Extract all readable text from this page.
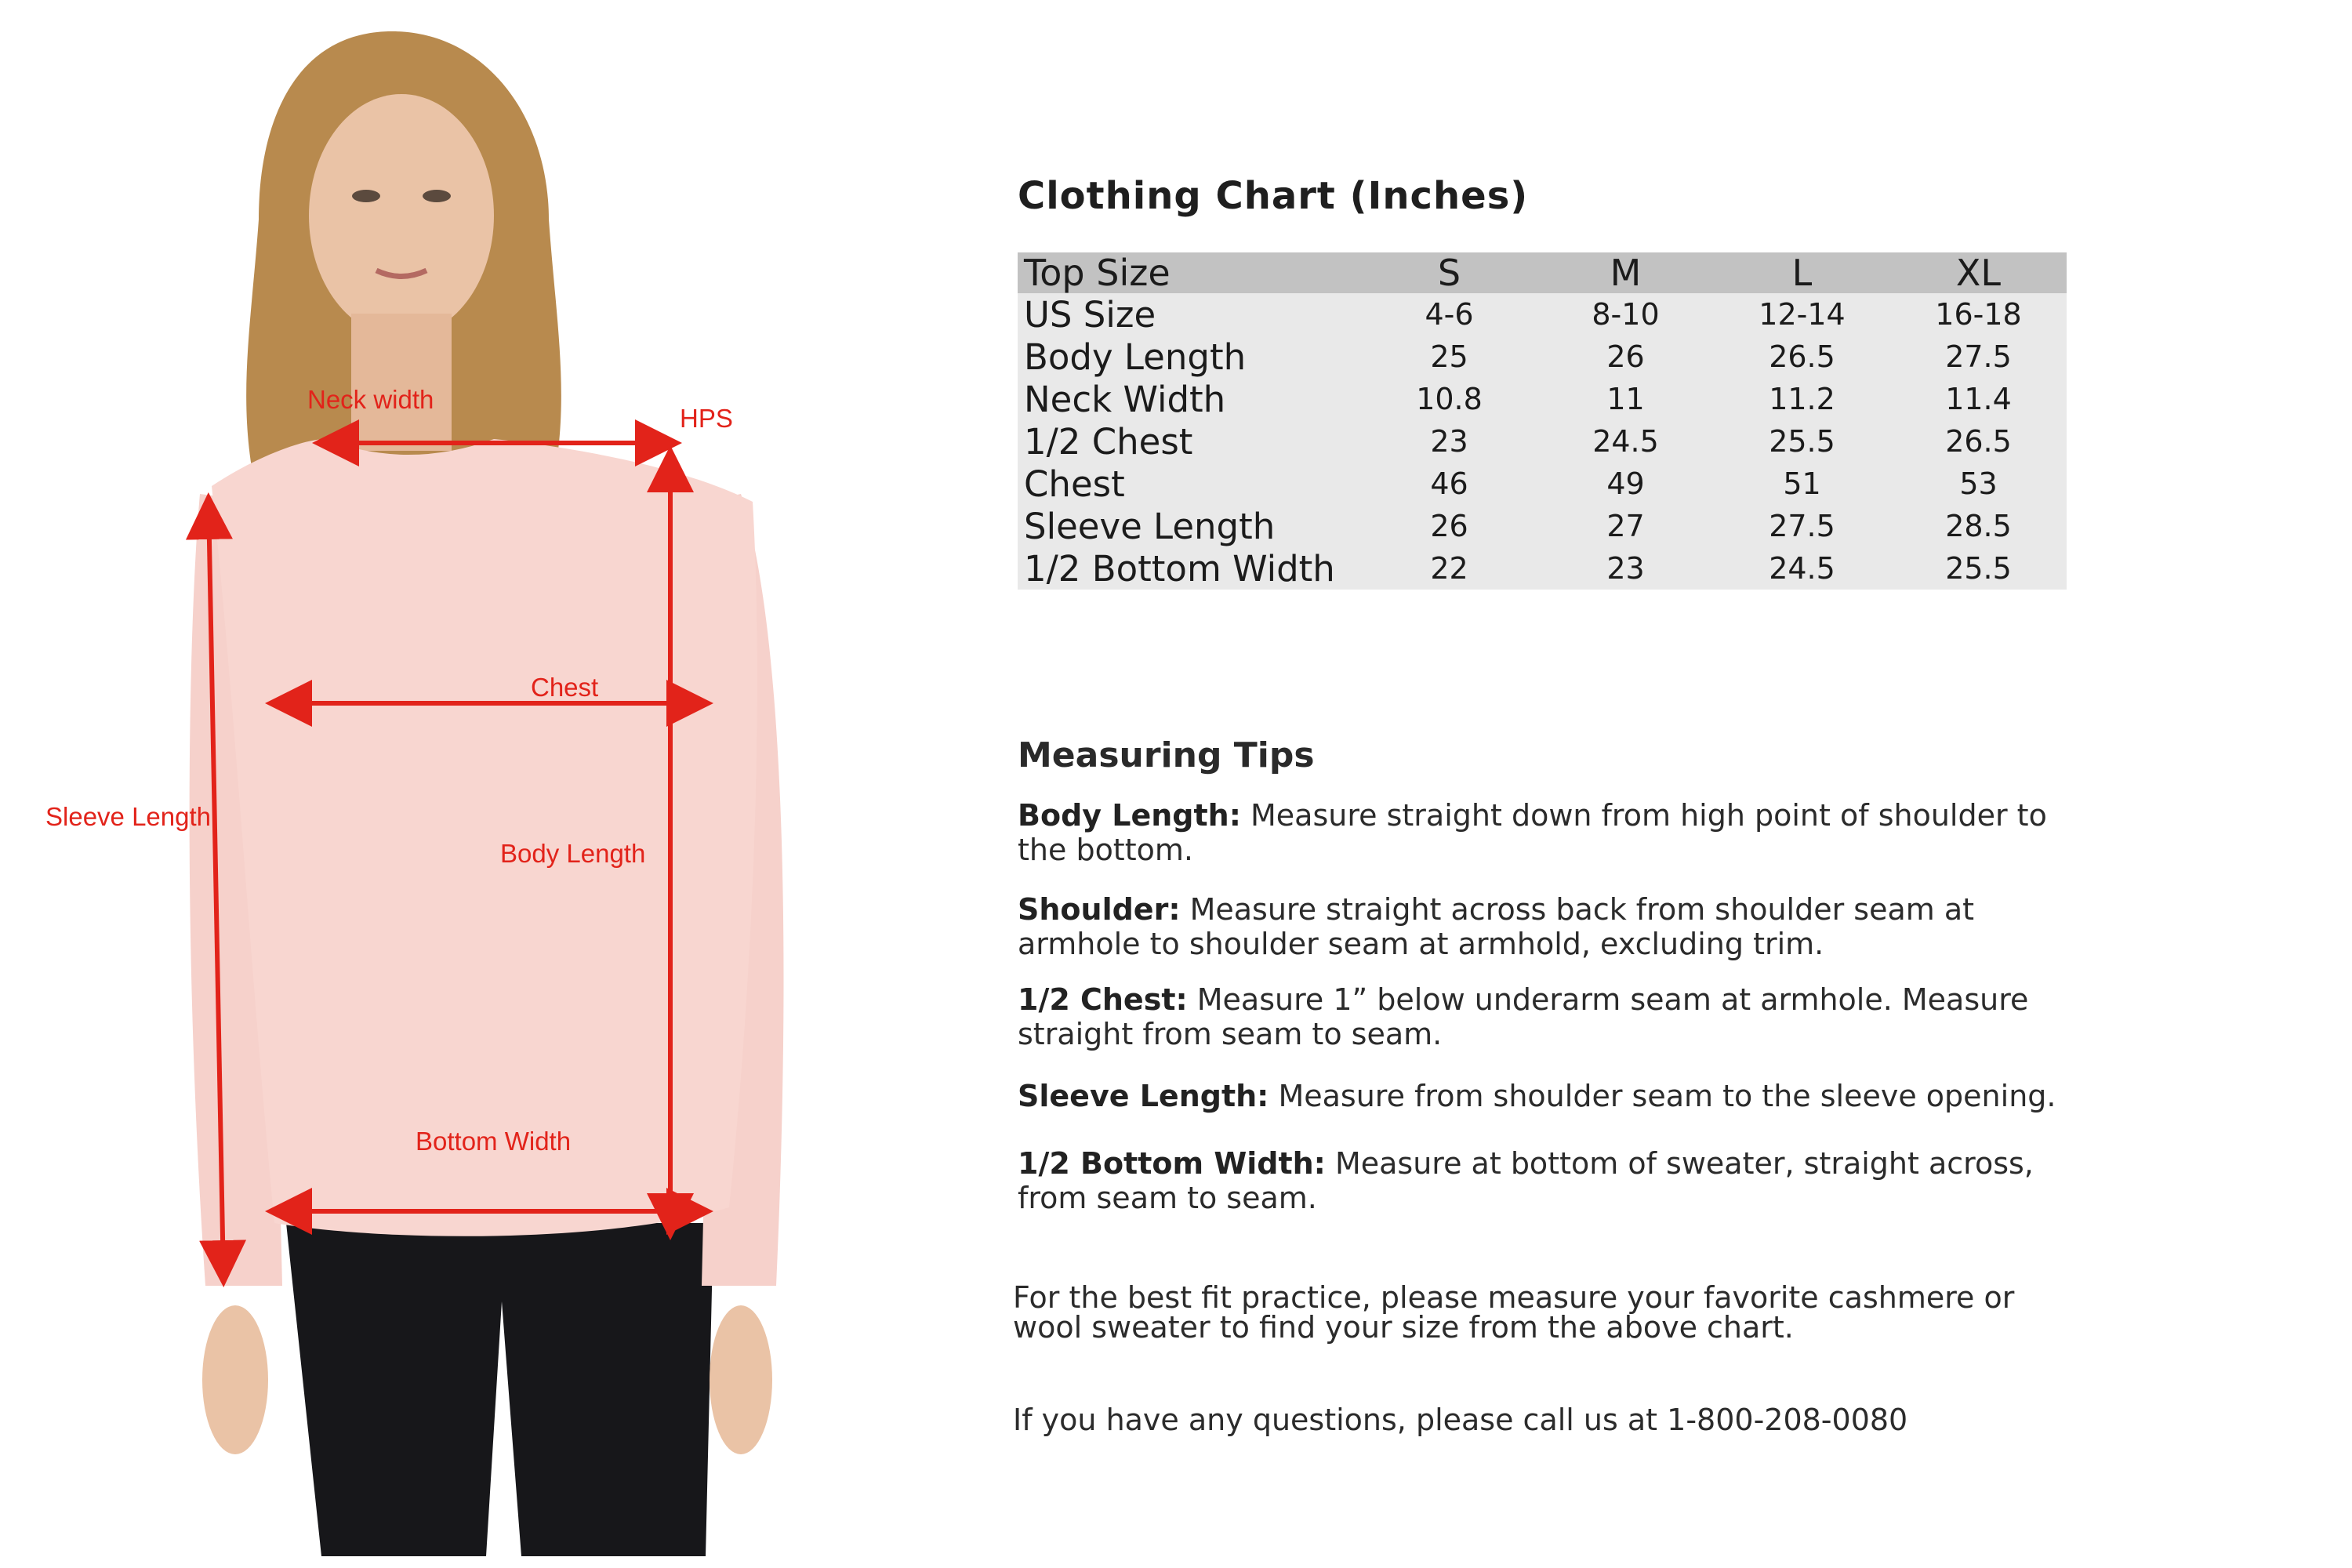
Neck width
HPS
Chest
Sleeve Length
Body Length
Bottom Width
Clothing Chart (Inches)
Top Size	S	M	L	XL
US Size	4-6	8-10	12-14	16-18
Body Length	25	26	26.5	27.5
Neck Width	10.8	11	11.2	11.4
1/2 Chest	23	24.5	25.5	26.5
Chest	46	49	51	53
Sleeve Length	26	27	27.5	28.5
1/2 Bottom Width	22	23	24.5	25.5
Measuring Tips
Body Length: Measure straight down from high point of shoulder to the bottom.
Shoulder: Measure straight across back from shoulder seam at armhole to shoulder seam at armhold, excluding trim.
1/2 Chest: Measure 1” below underarm seam at armhole. Measure straight from seam to seam.
Sleeve Length: Measure from shoulder seam to the sleeve opening.
1/2 Bottom Width: Measure at bottom of sweater, straight across, from seam to seam.
For the best fit practice, please measure your favorite cashmere or wool sweater to find your size from the above chart.
If you have any questions, please call us at 1-800-208-0080
